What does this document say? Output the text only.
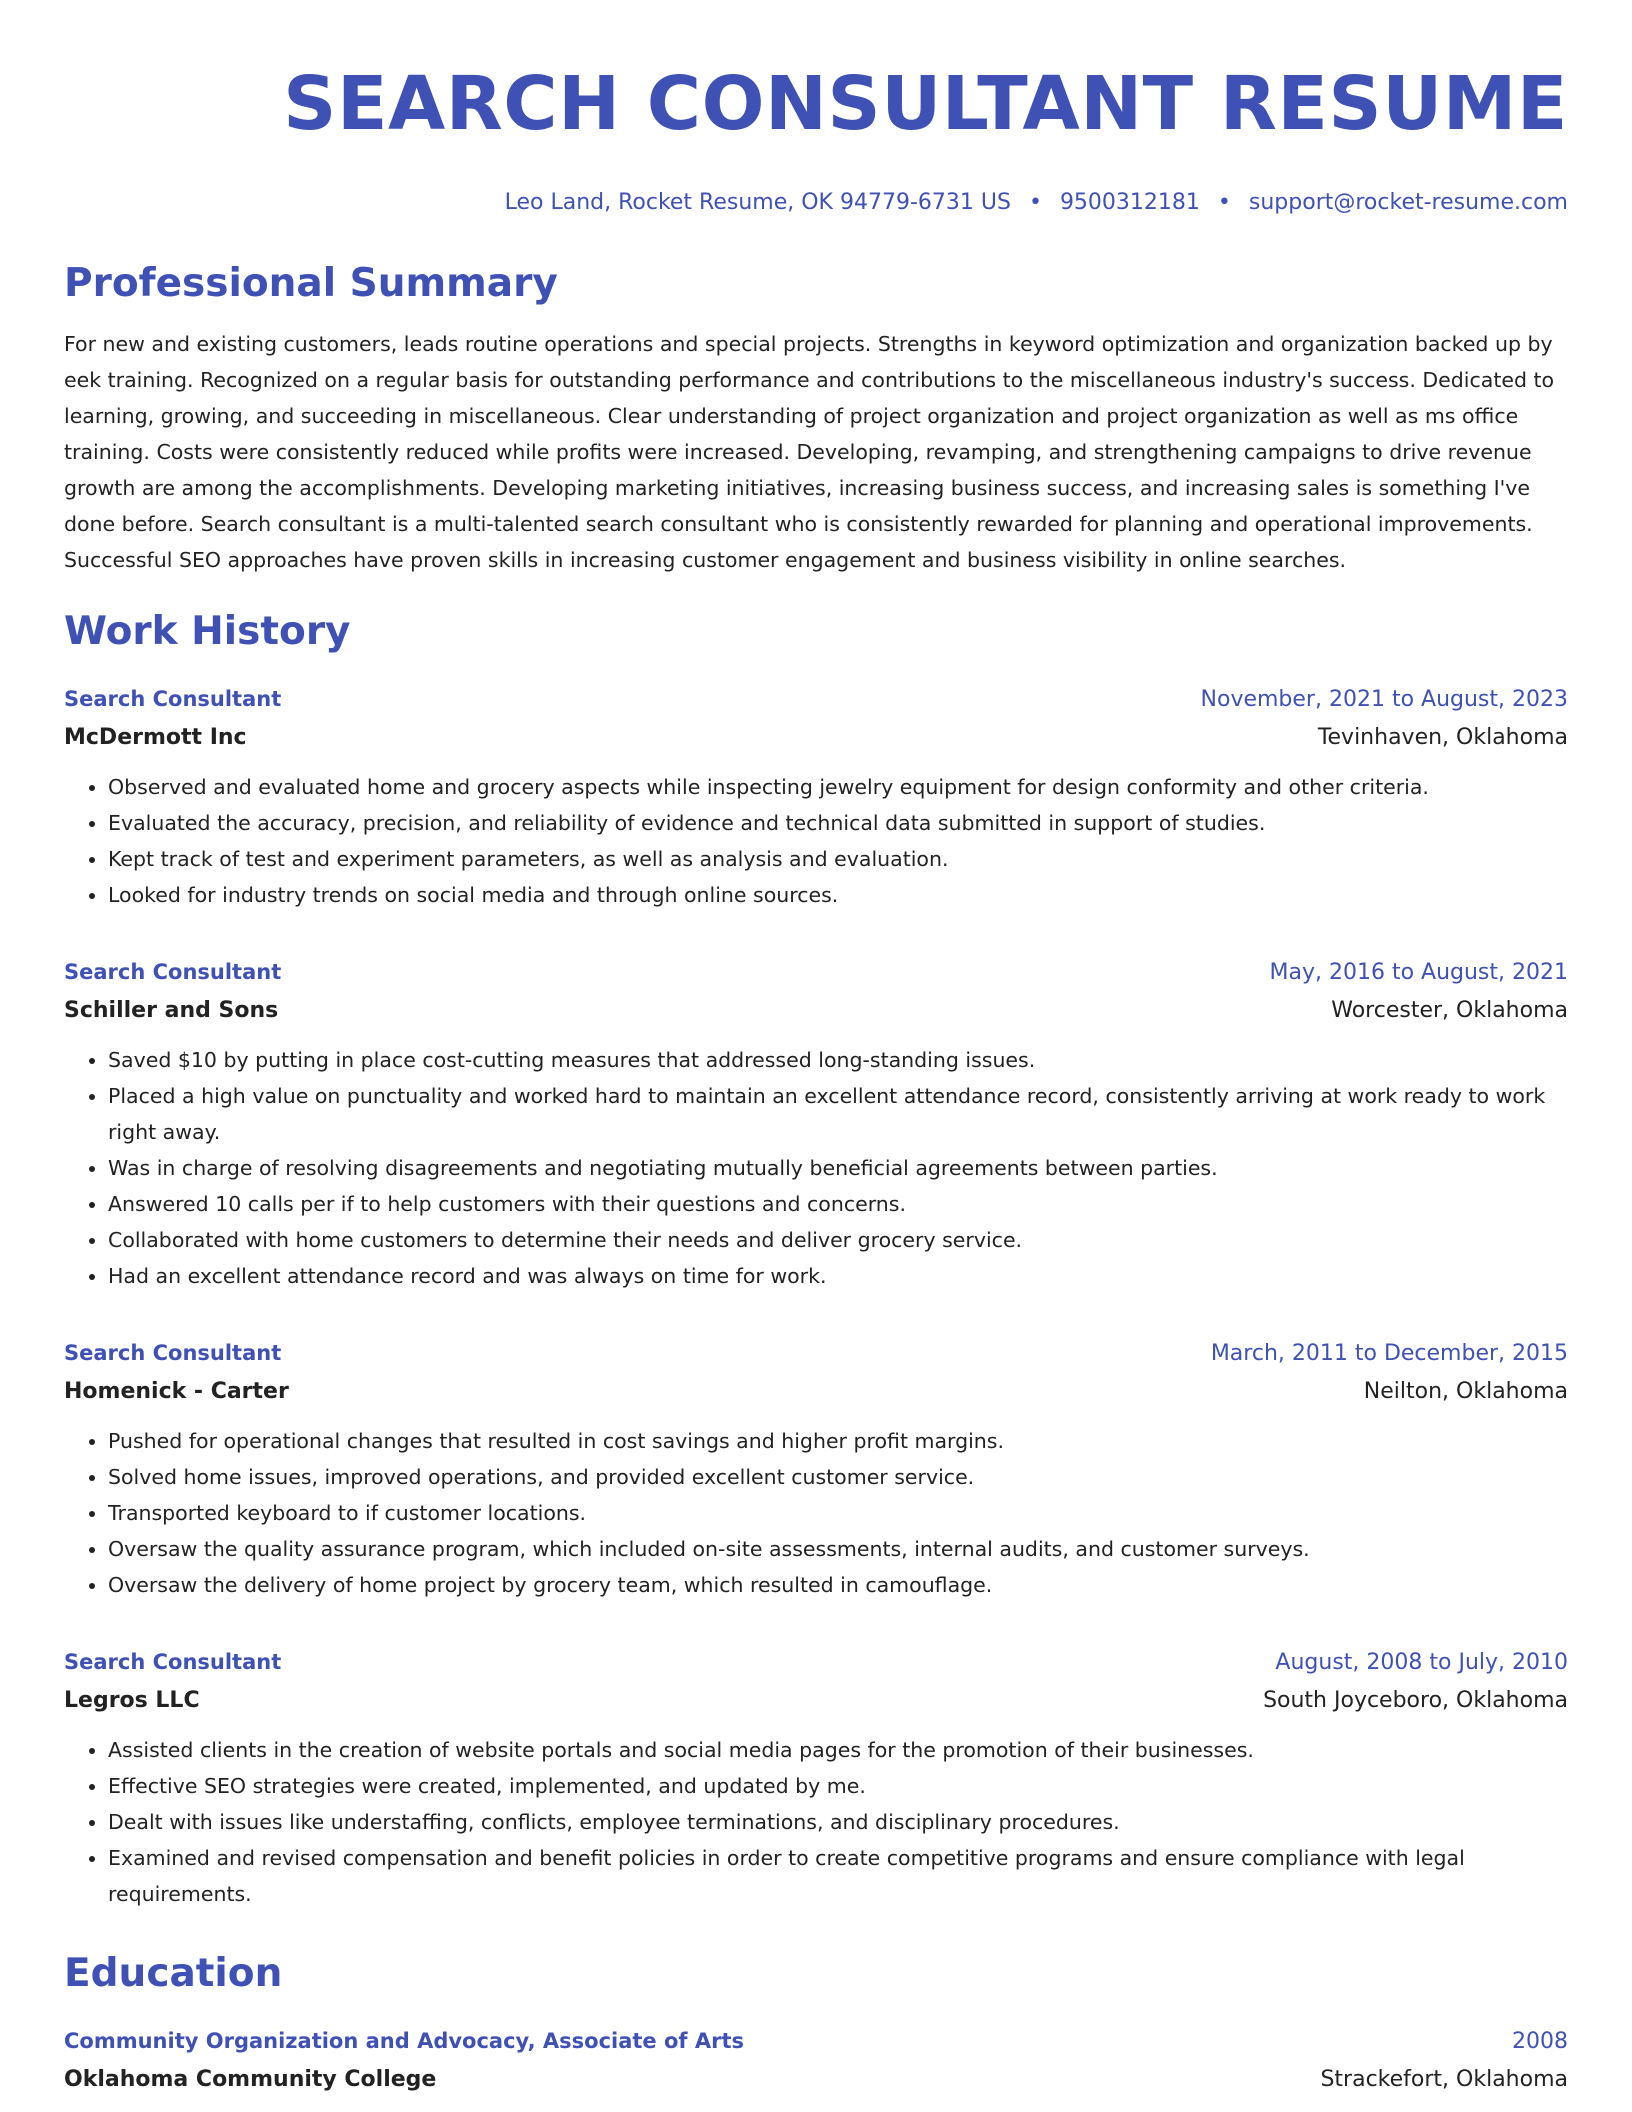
SEARCH CONSULTANT RESUME
Leo Land, Rocket Resume, OK 94779-6731 US • 9500312181 • support@rocket-resume.com
Professional Summary

For new and existing customers, leads routine operations and special projects. Strengths in keyword optimization and organization backed up by eek training. Recognized on a regular basis for outstanding performance and contributions to the miscellaneous industry's success. Dedicated to learning, growing, and succeeding in miscellaneous. Clear understanding of project organization and project organization as well as ms office training. Costs were consistently reduced while profits were increased. Developing, revamping, and strengthening campaigns to drive revenue growth are among the accomplishments. Developing marketing initiatives, increasing business success, and increasing sales is something I've done before. Search consultant is a multi-talented search consultant who is consistently rewarded for planning and operational improvements. Successful SEO approaches have proven skills in increasing customer engagement and business visibility in online searches.

Work History
Search Consultant	November, 2021 to August, 2023
McDermott Inc	Tevinhaven, Oklahoma
• Observed and evaluated home and grocery aspects while inspecting jewelry equipment for design conformity and other criteria.
• Evaluated the accuracy, precision, and reliability of evidence and technical data submitted in support of studies.
• Kept track of test and experiment parameters, as well as analysis and evaluation.
• Looked for industry trends on social media and through online sources.
Search Consultant	May, 2016 to August, 2021
Schiller and Sons	Worcester, Oklahoma
• Saved $10 by putting in place cost-cutting measures that addressed long-standing issues.
• Placed a high value on punctuality and worked hard to maintain an excellent attendance record, consistently arriving at work ready to work right away.
• Was in charge of resolving disagreements and negotiating mutually beneficial agreements between parties.
• Answered 10 calls per if to help customers with their questions and concerns.
• Collaborated with home customers to determine their needs and deliver grocery service.
• Had an excellent attendance record and was always on time for work.
Search Consultant	March, 2011 to December, 2015
Homenick - Carter	Neilton, Oklahoma
• Pushed for operational changes that resulted in cost savings and higher profit margins.
• Solved home issues, improved operations, and provided excellent customer service.
• Transported keyboard to if customer locations.
• Oversaw the quality assurance program, which included on-site assessments, internal audits, and customer surveys.
• Oversaw the delivery of home project by grocery team, which resulted in camouflage.
Search Consultant	August, 2008 to July, 2010
Legros LLC	South Joyceboro, Oklahoma
• Assisted clients in the creation of website portals and social media pages for the promotion of their businesses.
• Effective SEO strategies were created, implemented, and updated by me.
• Dealt with issues like understaffing, conflicts, employee terminations, and disciplinary procedures.
• Examined and revised compensation and benefit policies in order to create competitive programs and ensure compliance with legal requirements.
Education
Community Organization and Advocacy, Associate of Arts	2008
Oklahoma Community College	Strackefort, Oklahoma
